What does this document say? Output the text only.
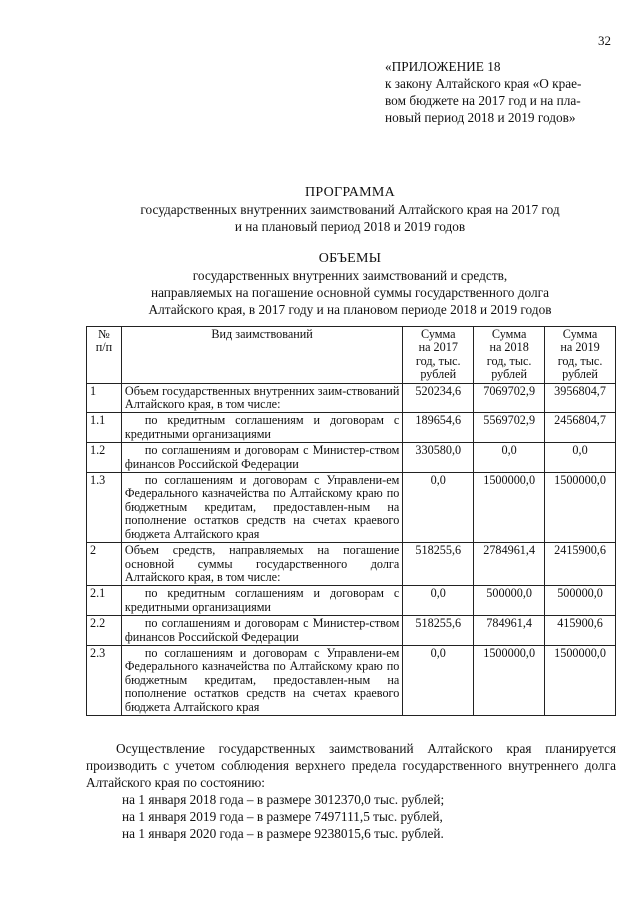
32
«ПРИЛОЖЕНИЕ 18
к закону Алтайского края «О крае-
вом бюджете на 2017 год и на пла-
новый период 2018 и 2019 годов»
ПРОГРАММА
государственных внутренних заимствований Алтайского края на 2017 год
и на плановый период 2018 и 2019 годов
ОБЪЕМЫ
государственных внутренних заимствований и средств,
направляемых на погашение основной суммы государственного долга
Алтайского края, в 2017 году и на плановом периоде 2018 и 2019 годов
№
п/п	Вид заимствований	Сумма
на 2017
год, тыс.
рублей	Сумма
на 2018
год, тыс.
рублей	Сумма
на 2019
год, тыс.
рублей

1	Объем государственных внутренних заим-ствований Алтайского края, в том числе:	520234,6	7069702,9	3956804,7
1.1	по кредитным соглашениям и договорам с кредитными организациями	189654,6	5569702,9	2456804,7
1.2	по соглашениям и договорам с Министер-ством финансов Российской Федерации	330580,0	0,0	0,0
1.3	по соглашениям и договорам с Управлени-ем Федерального казначейства по Алтайскому краю по бюджетным кредитам, предоставлен-ным на пополнение остатков средств на счетах краевого бюджета Алтайского края	0,0	1500000,0	1500000,0
2	Объем средств, направляемых на погашение основной суммы государственного долга Алтайского края, в том числе:	518255,6	2784961,4	2415900,6
2.1	по кредитным соглашениям и договорам с кредитными организациями	0,0	500000,0	500000,0
2.2	по соглашениям и договорам с Министер-ством финансов Российской Федерации	518255,6	784961,4	415900,6
2.3	по соглашениям и договорам с Управлени-ем Федерального казначейства по Алтайскому краю по бюджетным кредитам, предоставлен-ным на пополнение остатков средств на счетах краевого бюджета Алтайского края	0,0	1500000,0	1500000,0

Осуществление государственных заимствований Алтайского края планируется производить с учетом соблюдения верхнего предела государственного внутреннего долга Алтайского края по состоянию:

на 1 января 2018 года – в размере 3012370,0 тыс. рублей;
на 1 января 2019 года – в размере 7497111,5 тыс. рублей,
на 1 января 2020 года – в размере 9238015,6 тыс. рублей.
